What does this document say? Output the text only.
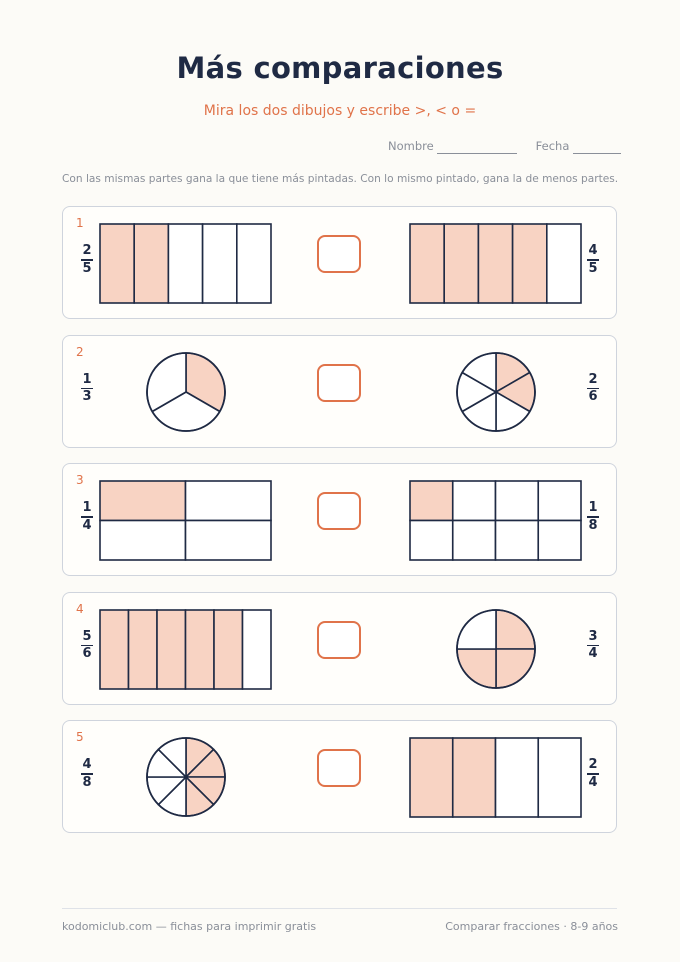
Más comparaciones
Mira los dos dibujos y escribe >, < o =
Nombre	Fecha
Con las mismas partes gana la que tiene más pintadas. Con lo mismo pintado, gana la de menos partes.
1
2
5
4
5
2
1
3
2
6
3
1
4
1
8
4
5
6
3
4
5
4
8
2
4
kodomiclub.com — fichas para imprimir gratis	Comparar fracciones · 8-9 años
